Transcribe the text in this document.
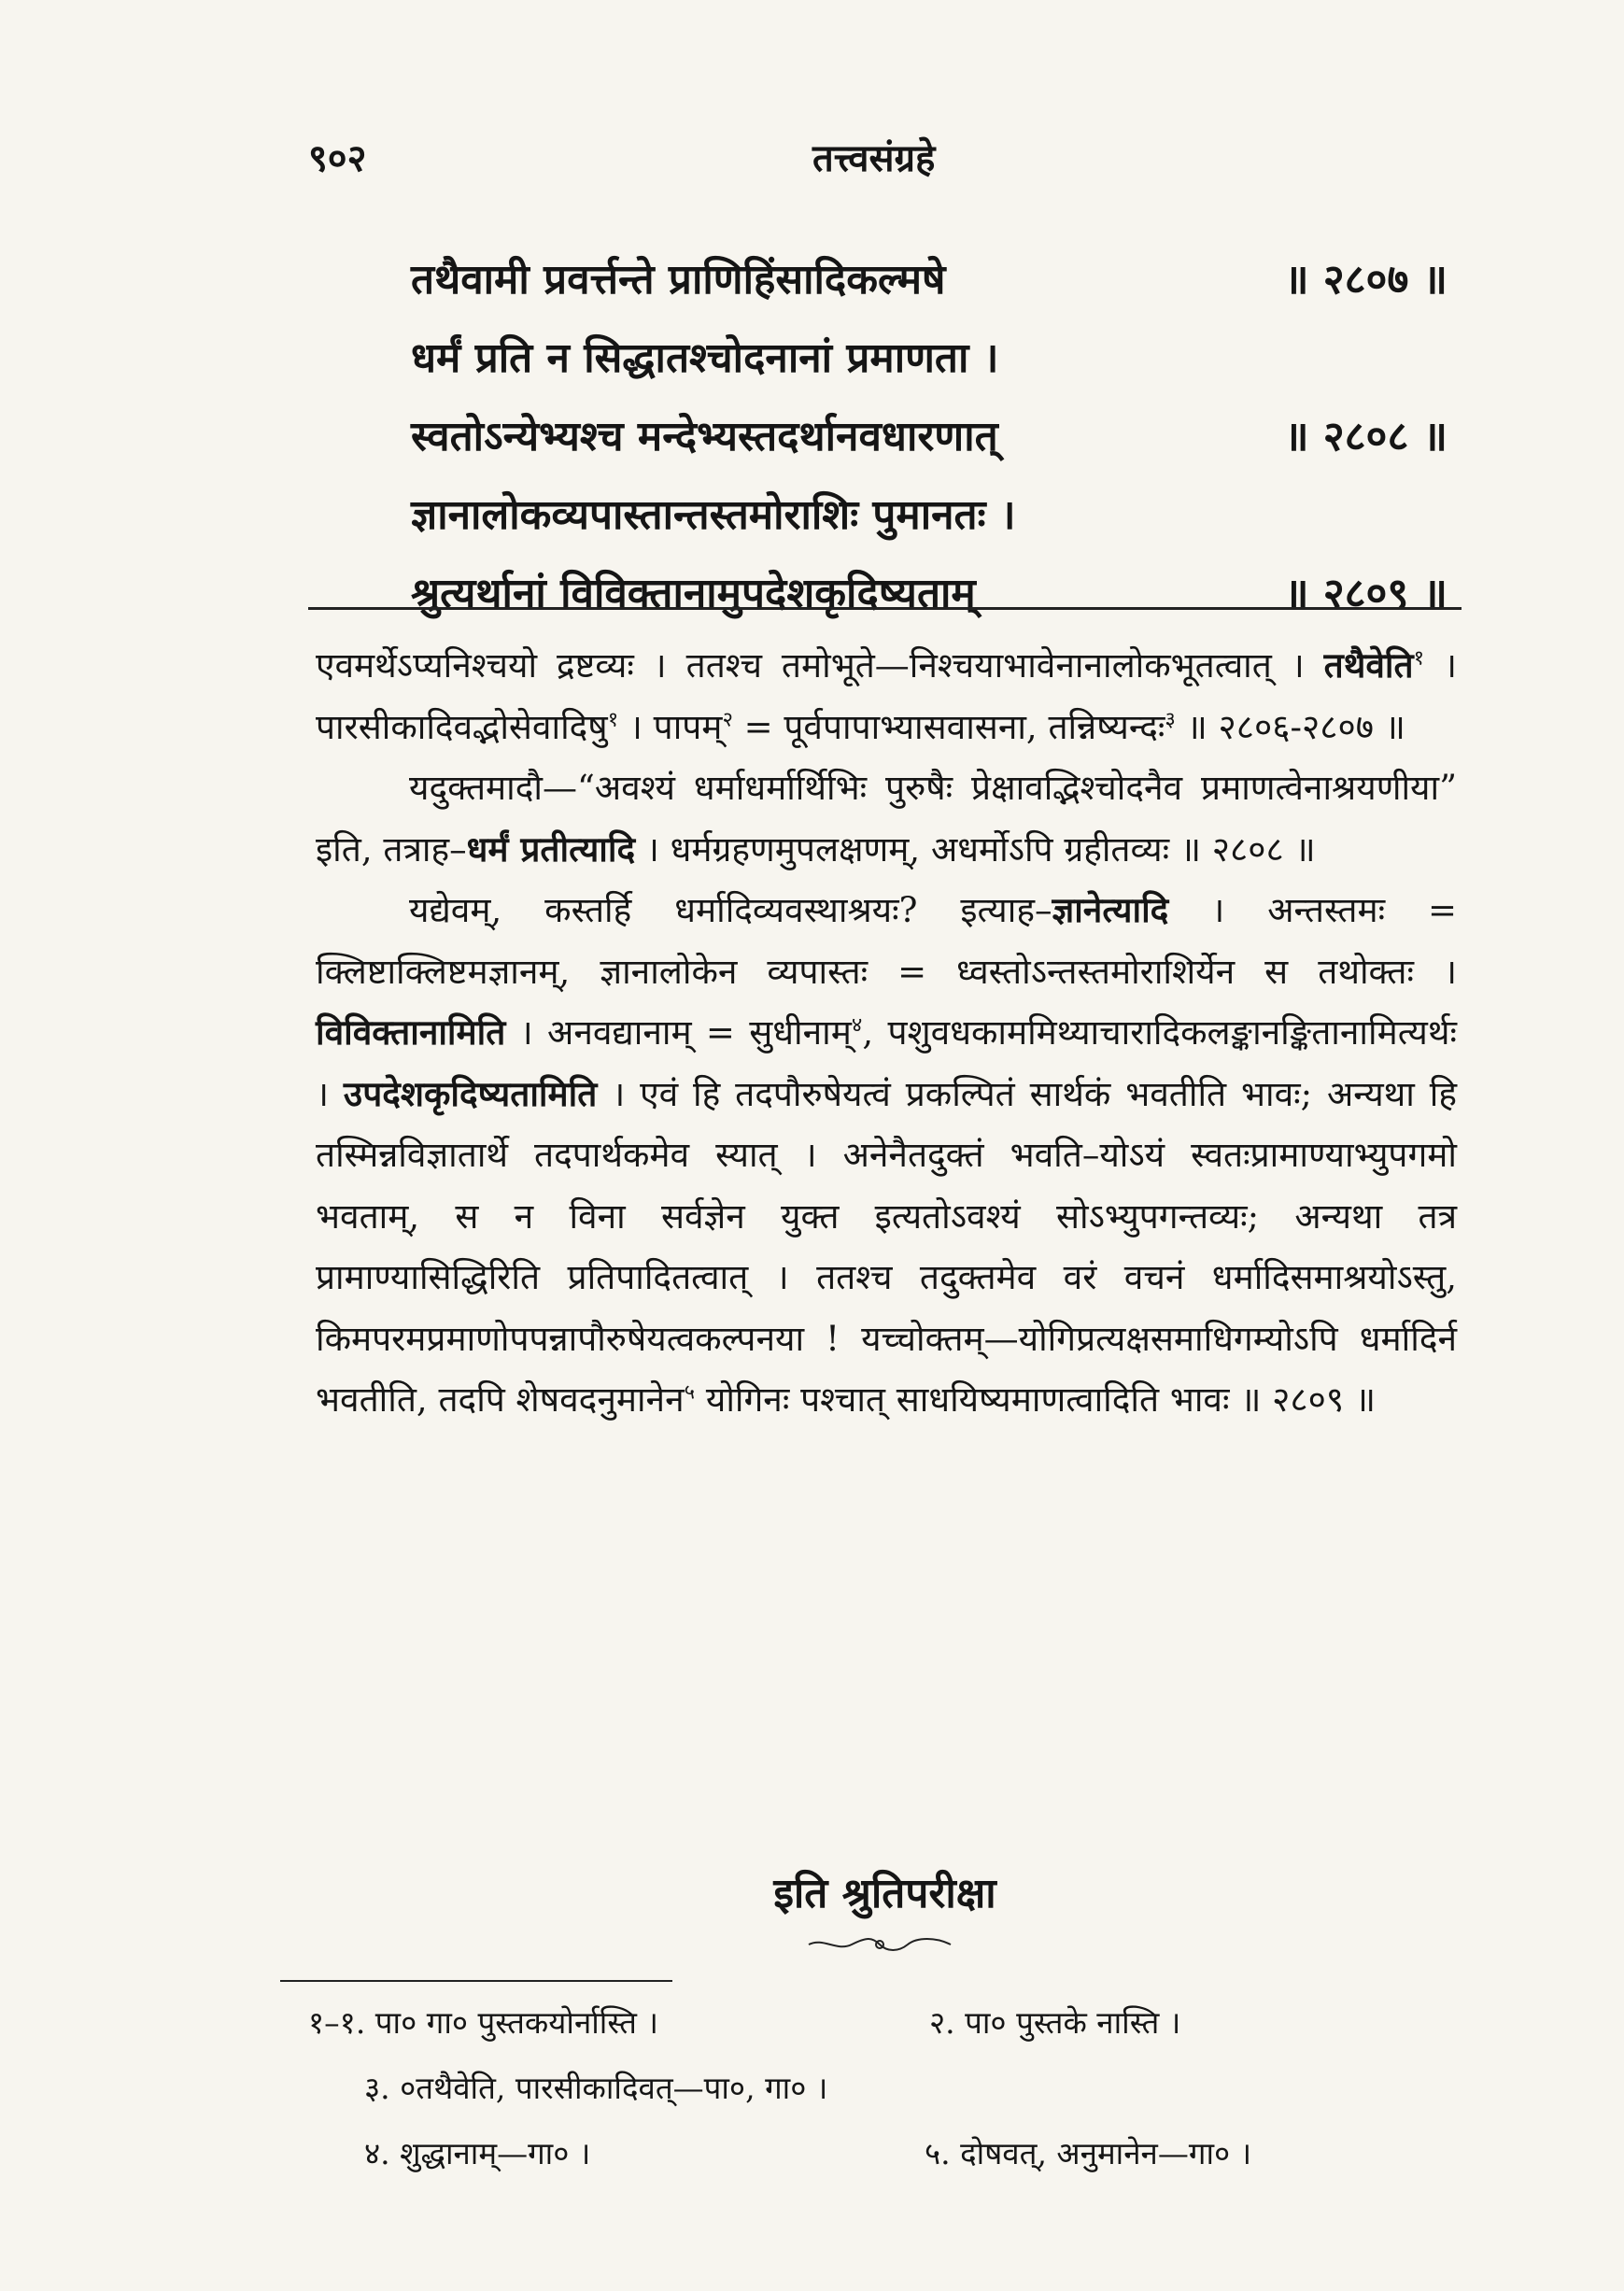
९०२	तत्त्वसंग्रहे
तथैवामी प्रवर्त्तन्ते प्राणिहिंसादिकल्मषे	॥ २८०७ ॥
धर्मं प्रति न सिद्धातश्चोदनानां प्रमाणता ।
स्वतोऽन्येभ्यश्च मन्देभ्यस्तदर्थानवधारणात्	॥ २८०८ ॥
ज्ञानालोकव्यपास्तान्तस्तमोराशिः पुमानतः ।
श्रुत्यर्थानां विविक्तानामुपदेशकृदिष्यताम्	॥ २८०९ ॥

एवमर्थेऽप्यनिश्चयो द्रष्टव्यः । ततश्च तमोभूते—निश्चयाभावेनानालोकभूतत्वात् । तथैवेति$^१$ । पारसीकादिवद्भोसेवादिषु$^१$ । पापम्$^२$ = पूर्वपापाभ्यासवासना, तन्निष्यन्दः$^३$ ॥ २८०६-२८०७ ॥

यदुक्तमादौ—“अवश्यं धर्माधर्मार्थिभिः पुरुषैः प्रेक्षावद्भिश्चोदनैव प्रमाणत्वेनाश्रयणीया” इति, तत्राह–धर्मं प्रतीत्यादि । धर्मग्रहणमुपलक्षणम्, अधर्मोऽपि ग्रहीतव्यः ॥ २८०८ ॥

यद्येवम्, कस्तर्हि धर्मादिव्यवस्थाश्रयः? इत्याह–ज्ञानेत्यादि । अन्तस्तमः = क्लिष्टाक्लिष्टमज्ञानम्, ज्ञानालोकेन व्यपास्तः = ध्वस्तोऽन्तस्तमोराशिर्येन स तथोक्तः । विविक्तानामिति । अनवद्यानाम् = सुधीनाम्$^४$, पशुवधकाममिथ्याचारादिकलङ्कानङ्कितानामित्यर्थः । उपदेशकृदिष्यतामिति । एवं हि तदपौरुषेयत्वं प्रकल्पितं सार्थकं भवतीति भावः; अन्यथा हि तस्मिन्नविज्ञातार्थे तदपार्थकमेव स्यात् । अनेनैतदुक्तं भवति–योऽयं स्वतःप्रामाण्याभ्युपगमो भवताम्, स न विना सर्वज्ञेन युक्त इत्यतोऽवश्यं सोऽभ्युपगन्तव्यः; अन्यथा तत्र प्रामाण्यासिद्धिरिति प्रतिपादितत्वात् । ततश्च तदुक्तमेव वरं वचनं धर्मादिसमाश्रयोऽस्तु, किमपरमप्रमाणोपपन्नापौरुषेयत्वकल्पनया ! यच्चोक्तम्—योगिप्रत्यक्षसमाधिगम्योऽपि धर्मादिर्न भवतीति, तदपि शेषवदनुमानेन$^५$ योगिनः पश्चात् साधयिष्यमाणत्वादिति भावः ॥ २८०९ ॥

इति श्रुतिपरीक्षा
१–१. पा० गा० पुस्तकयोर्नास्ति ।	२. पा० पुस्तके नास्ति ।
३. ०तथैवेति, पारसीकादिवत्—पा०, गा० ।
४. शुद्धानाम्—गा० ।	५. दोषवत्, अनुमानेन—गा० ।
